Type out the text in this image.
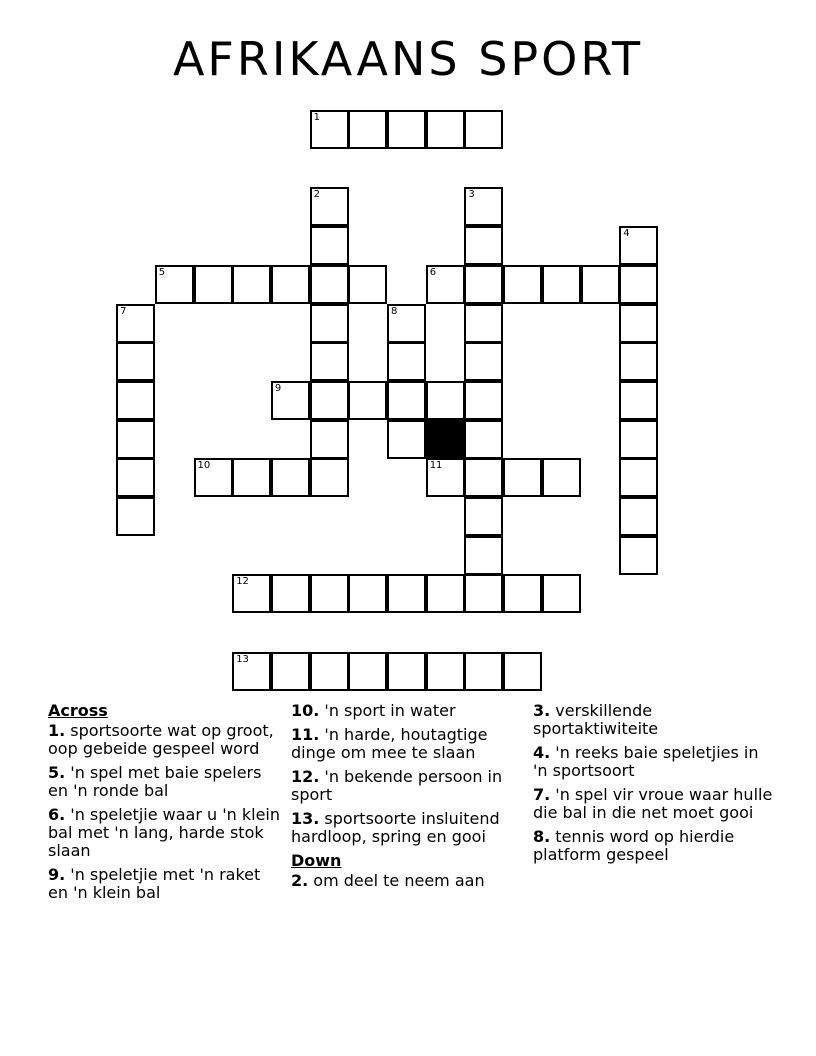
AFRIKAANS SPORT
1
2	3
4
5	6
7	8
9
10	11
12
13
Across
1. sportsoorte wat op groot, oop gebeide gespeel word
5. 'n spel met baie spelers en 'n ronde bal
6. 'n speletjie waar u 'n klein bal met 'n lang, harde stok slaan
9. 'n speletjie met 'n raket en 'n klein bal
10. 'n sport in water
11. 'n harde, houtagtige dinge om mee te slaan
12. 'n bekende persoon in sport
13. sportsoorte insluitend hardloop, spring en gooi
Down
2. om deel te neem aan
3. verskillende sportaktiwiteite
4. 'n reeks baie speletjies in 'n sportsoort
7. 'n spel vir vroue waar hulle die bal in die net moet gooi
8. tennis word op hierdie platform gespeel
